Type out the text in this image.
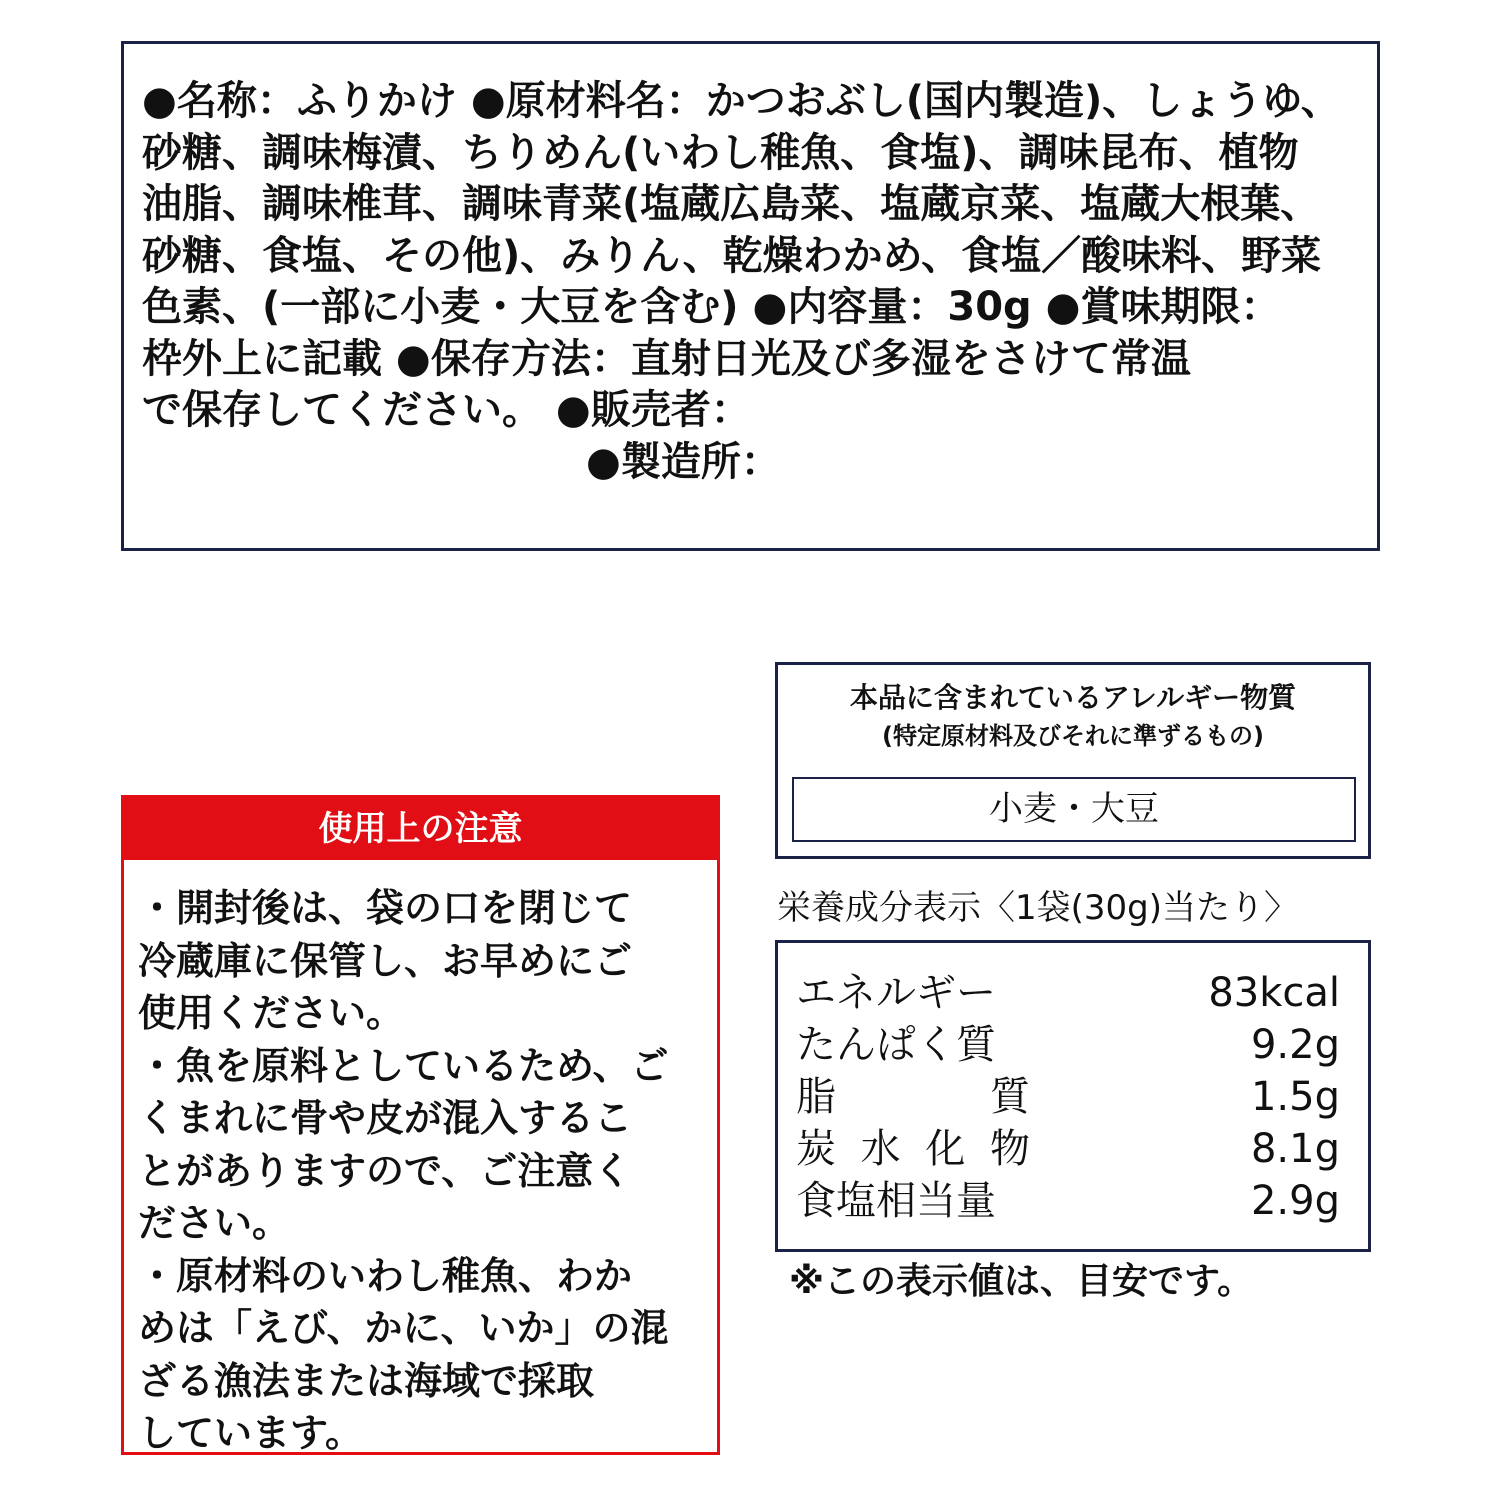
●名称：ふりかけ ●原材料名：かつおぶし(国内製造)、しょうゆ、
砂糖、調味梅漬、ちりめん(いわし稚魚、食塩)、調味昆布、植物
油脂、調味椎茸、調味青菜(塩蔵広島菜、塩蔵京菜、塩蔵大根葉、
砂糖、食塩、その他)、みりん、乾燥わかめ、食塩／酸味料、野菜
色素、(一部に小麦・大豆を含む) ●内容量：30g ●賞味期限：
枠外上に記載 ●保存方法：直射日光及び多湿をさけて常温
で保存してください。 ●販売者：
●製造所：
使用上の注意
・開封後は、袋の口を閉じて
冷蔵庫に保管し、お早めにご
使用ください。
・魚を原料としているため、ご
くまれに骨や皮が混入するこ
とがありますので、ご注意く
ださい。
・原材料のいわし稚魚、わか
めは「えび、かに、いか」の混
ざる漁法または海域で採取
しています。
本品に含まれているアレルギー物質
(特定原材料及びそれに準ずるもの)
小麦・大豆
栄養成分表示〈1袋(30g)当たり〉
エネルギー	83kcal
たんぱく質	9.2g
脂	質	1.5g
炭 水 化 物	8.1g
食塩相当量	2.9g
※この表示値は、目安です。
